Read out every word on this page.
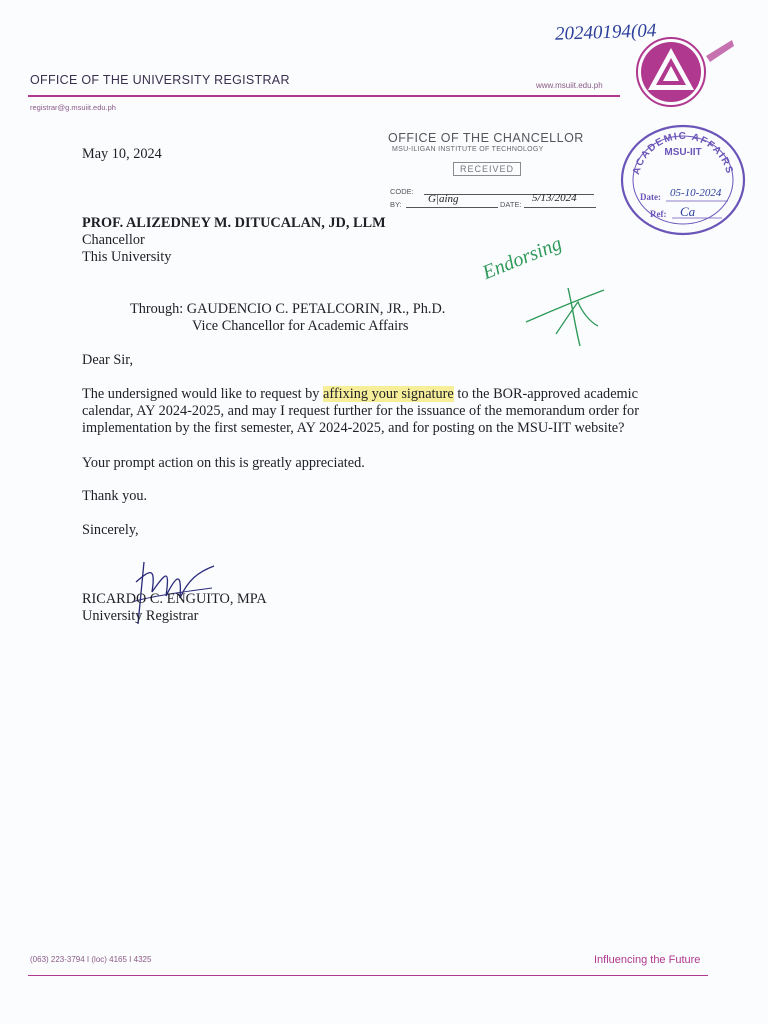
OFFICE OF THE UNIVERSITY REGISTRAR	www.msuiit.edu.ph
registrar@g.msuiit.edu.ph
20240194(04
OFFICE OF THE CHANCELLOR
MSU-ILIGAN INSTITUTE OF TECHNOLOGY
RECEIVED
CODE:
BY: G|aing	DATE:
5/13/2024
ACADEMIC AFFAIRS
MSU-IIT
Date: 05-10-2024
Ref: Ca
May 10, 2024
PROF. ALIZEDNEY M. DITUCALAN, JD, LLM
Chancellor
This University
Through: GAUDENCIO C. PETALCORIN, JR., Ph.D.
Vice Chancellor for Academic Affairs
Endorsing
Dear Sir,
The undersigned would like to request by affixing your signature to the BOR-approved academic
calendar, AY 2024-2025, and may I request further for the issuance of the memorandum order for
implementation by the first semester, AY 2024-2025, and for posting on the MSU-IIT website?
Your prompt action on this is greatly appreciated.
Thank you.
Sincerely,
RICARDO C. ENGUITO, MPA
University Registrar
(063) 223-3794 I (loc) 4165 I 4325	Influencing the Future
